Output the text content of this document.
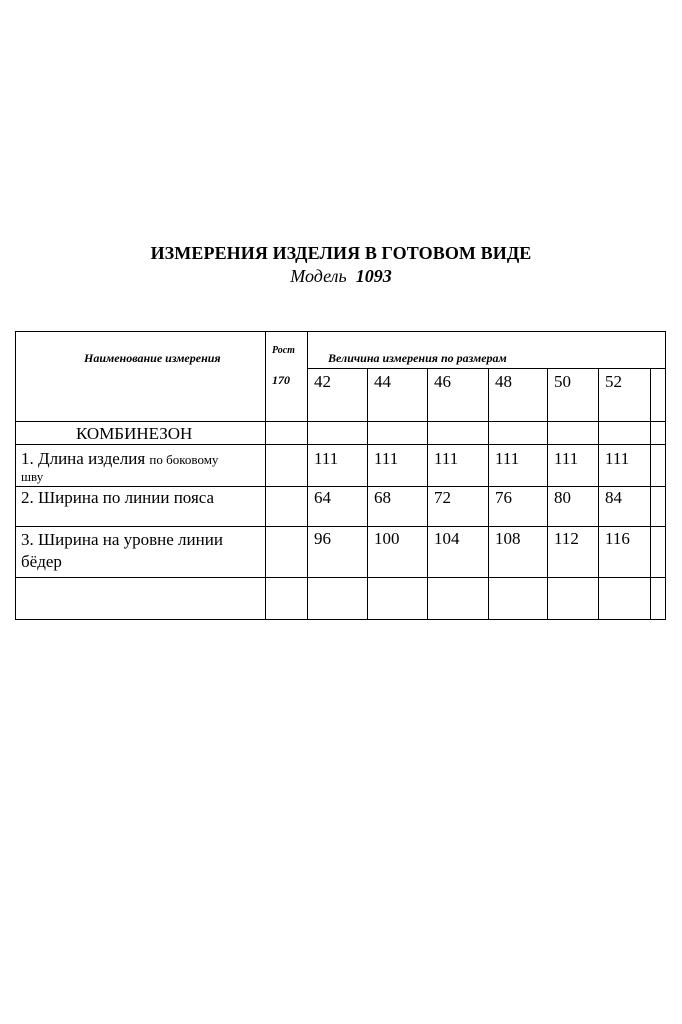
ИЗМЕРЕНИЯ ИЗДЕЛИЯ В ГОТОВОМ ВИДЕ
Модель 1093
Наименование измерения
Рост
170
Величина измерения по размерам
42	44	46	48 50 52
КОМБИНЕЗОН
1. Длина изделия по боковому
шву
111 111 111 111 111 111
2. Ширина по линии пояса	64	68	72	76 80 84
3. Ширина на уровне линии
бёдер
96	100 104 108 112 116
